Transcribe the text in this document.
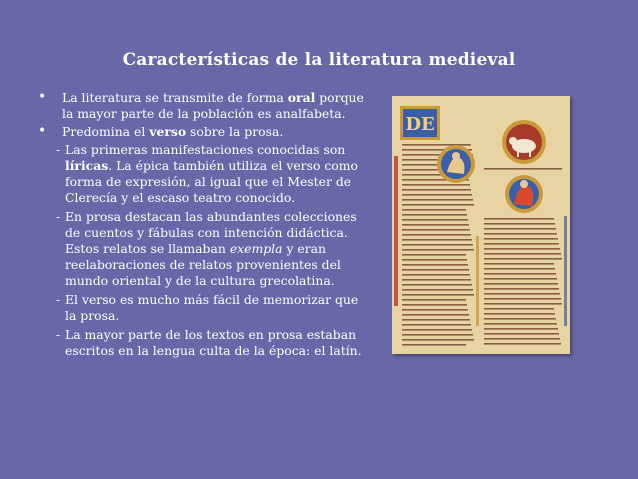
Características de la literatura medieval
• La literatura se transmite de forma oral porque la mayor parte de la población es analfabeta.
• Predomina el verso sobre la prosa.
- Las primeras manifestaciones conocidas son líricas. La épica también utiliza el verso como forma de expresión, al igual que el Mester de Clerecía y el escaso teatro conocido.
- En prosa destacan las abundantes colecciones de cuentos y fábulas con intención didáctica. Estos relatos se llamaban exempla y eran reelaboraciones de relatos provenientes del mundo oriental y de la cultura grecolatina.
- El verso es mucho más fácil de memorizar que la prosa.
- La mayor parte de los textos en prosa estaban escritos en la lengua culta de la época: el latín.
DE
